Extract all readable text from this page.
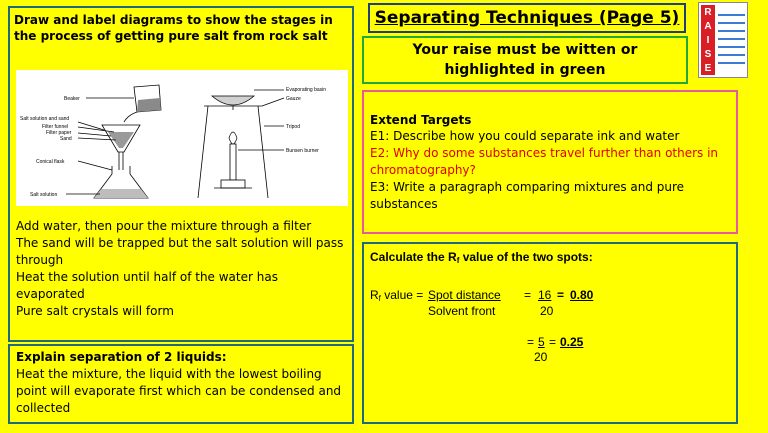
Draw and label diagrams to show the stages in the process of getting pure salt from rock salt
Beaker
Salt solution and sand
Filter funnel
Filter paper
Sand
Conical flask
Salt solution
Evaporating basin
Gauze
Tripod
Bunsen burner
Add water, then pour the mixture through a filter
The sand will be trapped but the salt solution will pass through
Heat the solution until half of the water has evaporated
Pure salt crystals will form
Explain separation of 2 liquids:
Heat the mixture, the liquid with the lowest boiling point will evaporate first which can be condensed and collected
Separating Techniques (Page 5)
Your raise must be witten or highlighted in green
R
A
I
S
E
Extend Targets
E1: Describe how you could separate ink and water
E2: Why do some substances travel further than others in chromatography?
E3: Write a paragraph comparing mixtures and pure substances
Calculate the $R_f$ value of the two spots:
$R_f$ value = Spot distance
Solvent front
= 16 = 0.80
20
= 5 = 0.25
20
